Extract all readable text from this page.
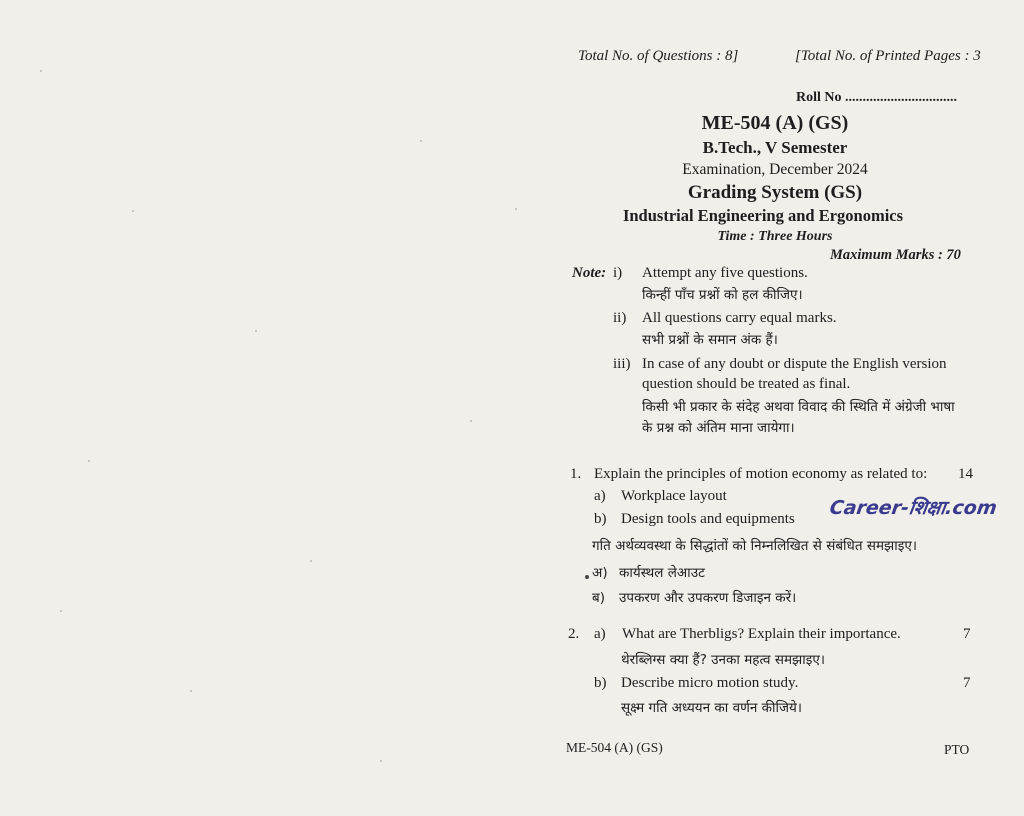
Total No. of Questions : 8]	[Total No. of Printed Pages : 3
Roll No ................................
ME-504 (A) (GS)
B.Tech., V Semester
Examination, December 2024
Grading System (GS)
Industrial Engineering and Ergonomics
Time : Three Hours
Maximum Marks : 70
Note: i) Attempt any five questions.
किन्हीं पाँच प्रश्नों को हल कीजिए।
ii) All questions carry equal marks.
सभी प्रश्नों के समान अंक हैं।
iii) In case of any doubt or dispute the English version
question should be treated as final.
किसी भी प्रकार के संदेह अथवा विवाद की स्थिति में अंग्रेजी भाषा
के प्रश्न को अंतिम माना जायेगा।
1. Explain the principles of motion economy as related to: 14
a) Workplace layout
b) Design tools and equipments Career-शिक्षा.com
गति अर्थव्यवस्था के सिद्धांतों को निम्नलिखित से संबंधित समझाइए।
अ) कार्यस्थल लेआउट
ब) उपकरण और उपकरण डिजाइन करें।
2. a) What are Therbligs? Explain their importance.	7
थेरब्लिग्स क्या हैं? उनका महत्व समझाइए।
b) Describe micro motion study.	7
सूक्ष्म गति अध्ययन का वर्णन कीजिये।
ME-504 (A) (GS)	PTO
